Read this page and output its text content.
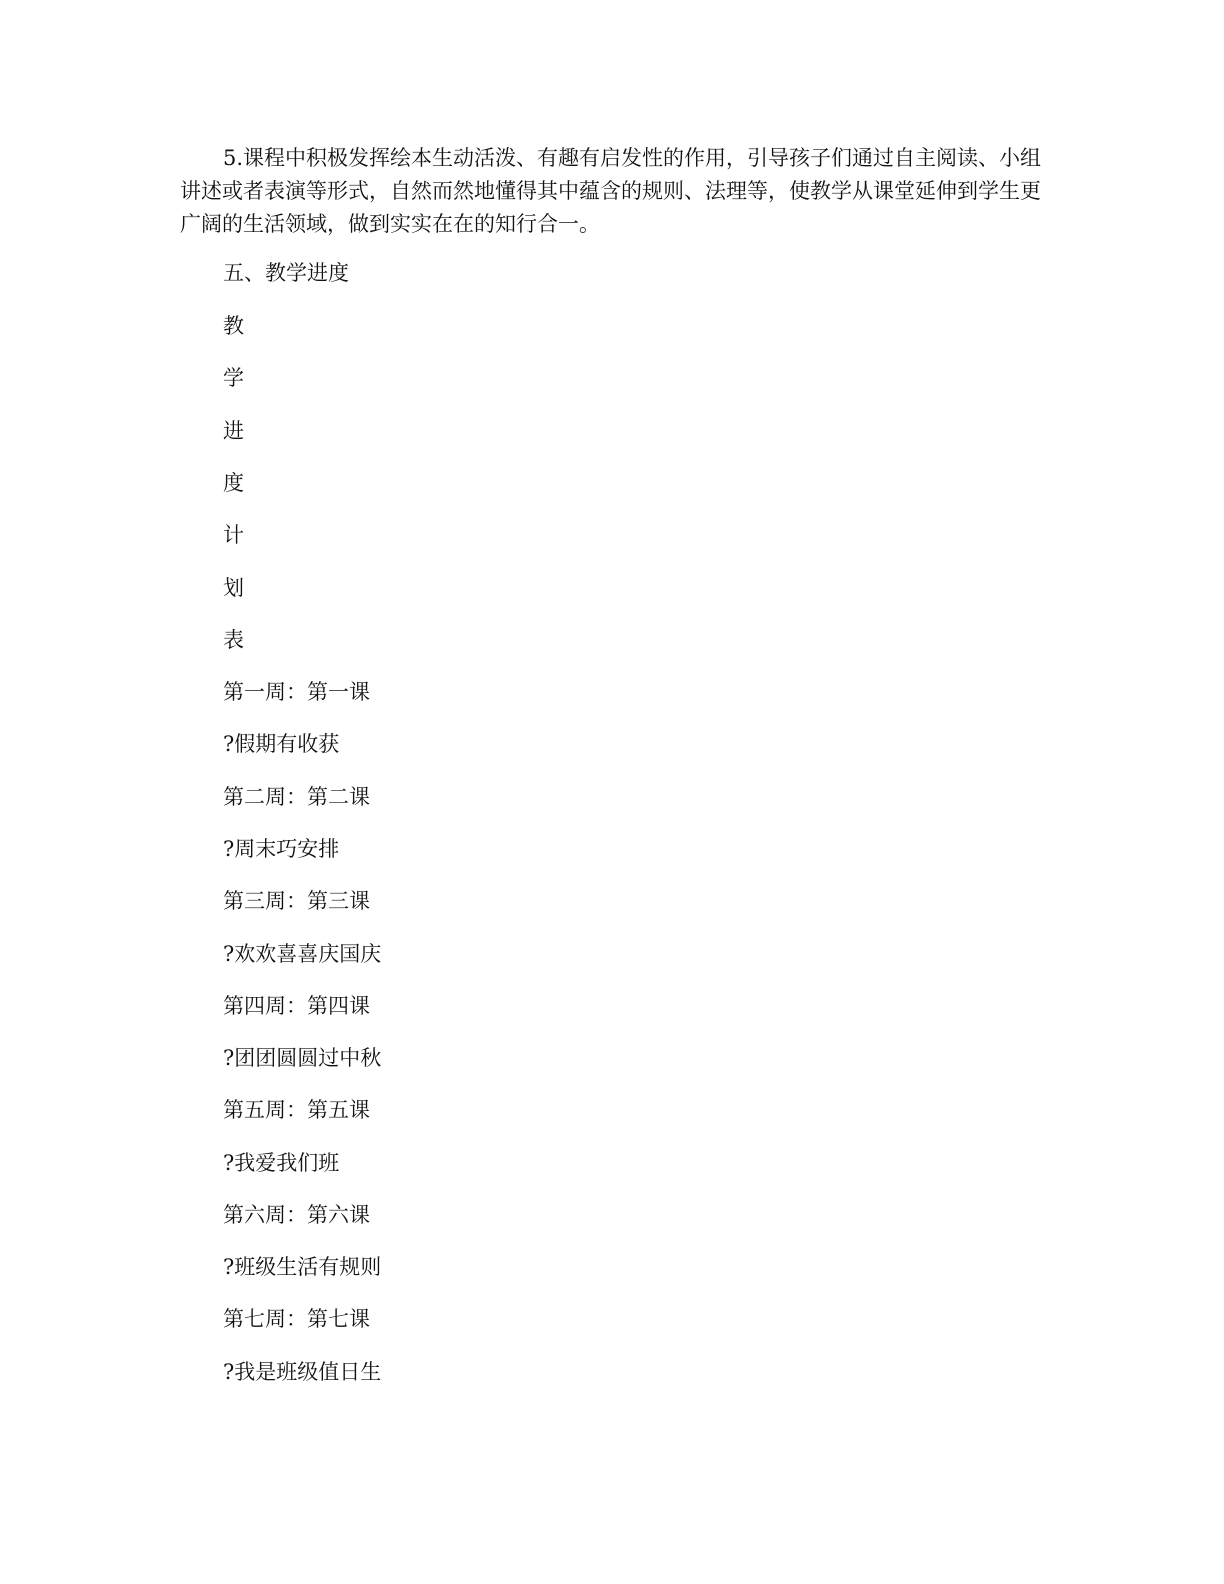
5.课程中积极发挥绘本生动活泼、有趣有启发性的作用，引导孩子们通过自主阅读、小组讲述或者表演等形式，自然而然地懂得其中蕴含的规则、法理等，使教学从课堂延伸到学生更广阔的生活领域，做到实实在在的知行合一。

五、教学进度

教

学

进

度

计

划

表

第一周：第一课

?假期有收获

第二周：第二课

?周末巧安排

第三周：第三课

?欢欢喜喜庆国庆

第四周：第四课

?团团圆圆过中秋

第五周：第五课

?我爱我们班

第六周：第六课

?班级生活有规则

第七周：第七课

?我是班级值日生
